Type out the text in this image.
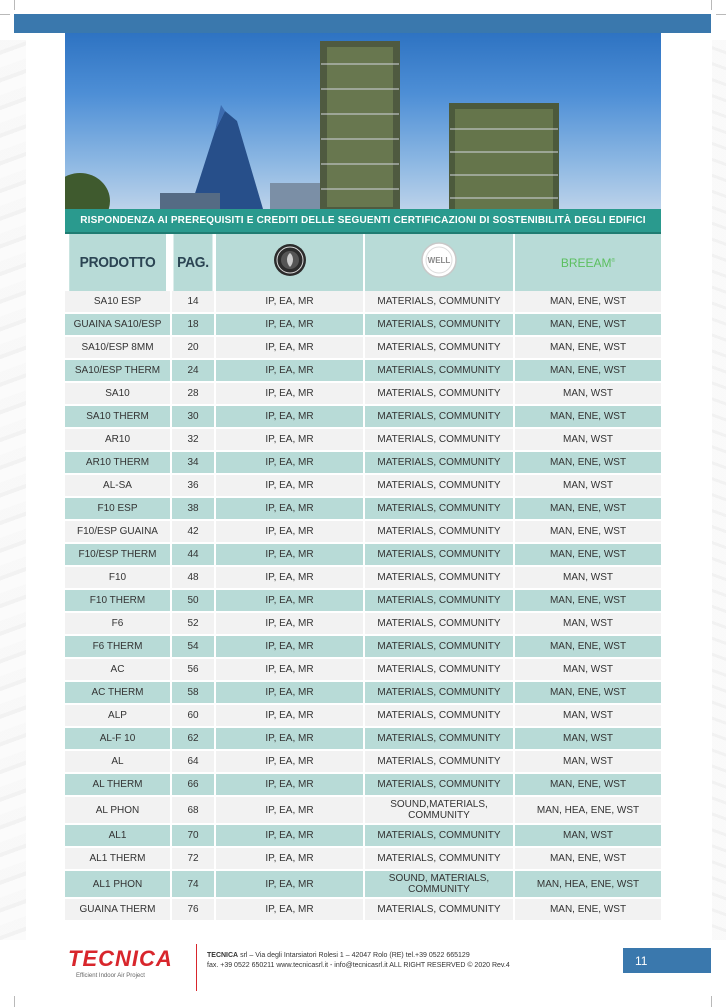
RISPONDENZA AI PREREQUISITI E CREDITI DELLE SEGUENTI CERTIFICAZIONI DI SOSTENIBILITÀ DEGLI EDIFICI
PRODOTTO	PAG.		WELL	BREEAM®
SA10 ESP	14	IP, EA, MR	MATERIALS, COMMUNITY	MAN, ENE, WST
GUAINA SA10/ESP	18	IP, EA, MR	MATERIALS, COMMUNITY	MAN, ENE, WST
SA10/ESP 8MM	20	IP, EA, MR	MATERIALS, COMMUNITY	MAN, ENE, WST
SA10/ESP THERM	24	IP, EA, MR	MATERIALS, COMMUNITY	MAN, ENE, WST
SA10	28	IP, EA, MR	MATERIALS, COMMUNITY	MAN, WST
SA10 THERM	30	IP, EA, MR	MATERIALS, COMMUNITY	MAN, ENE, WST
AR10	32	IP, EA, MR	MATERIALS, COMMUNITY	MAN, WST
AR10 THERM	34	IP, EA, MR	MATERIALS, COMMUNITY	MAN, ENE, WST
AL-SA	36	IP, EA, MR	MATERIALS, COMMUNITY	MAN, WST
F10 ESP	38	IP, EA, MR	MATERIALS, COMMUNITY	MAN, ENE, WST
F10/ESP GUAINA	42	IP, EA, MR	MATERIALS, COMMUNITY	MAN, ENE, WST
F10/ESP THERM	44	IP, EA, MR	MATERIALS, COMMUNITY	MAN, ENE, WST
F10	48	IP, EA, MR	MATERIALS, COMMUNITY	MAN, WST
F10 THERM	50	IP, EA, MR	MATERIALS, COMMUNITY	MAN, ENE, WST
F6	52	IP, EA, MR	MATERIALS, COMMUNITY	MAN, WST
F6 THERM	54	IP, EA, MR	MATERIALS, COMMUNITY	MAN, ENE, WST
AC	56	IP, EA, MR	MATERIALS, COMMUNITY	MAN, WST
AC THERM	58	IP, EA, MR	MATERIALS, COMMUNITY	MAN, ENE, WST
ALP	60	IP, EA, MR	MATERIALS, COMMUNITY	MAN, WST
AL-F 10	62	IP, EA, MR	MATERIALS, COMMUNITY	MAN, WST
AL	64	IP, EA, MR	MATERIALS, COMMUNITY	MAN, WST
AL THERM	66	IP, EA, MR	MATERIALS, COMMUNITY	MAN, ENE, WST
AL PHON	68	IP, EA, MR	SOUND,MATERIALS, COMMUNITY	MAN, HEA, ENE, WST
AL1	70	IP, EA, MR	MATERIALS, COMMUNITY	MAN, WST
AL1 THERM	72	IP, EA, MR	MATERIALS, COMMUNITY	MAN, ENE, WST
AL1 PHON	74	IP, EA, MR	SOUND, MATERIALS, COMMUNITY	MAN, HEA, ENE, WST
GUAINA THERM	76	IP, EA, MR	MATERIALS, COMMUNITY	MAN, ENE, WST
TECNICA
Efficient Indoor Air Project
TECNICA srl – Via degli Intarsiatori Rolesi 1 – 42047 Rolo (RE) tel.+39 0522 665129
fax. +39 0522 650211 www.tecnicasrl.it - info@tecnicasrl.it ALL RIGHT RESERVED © 2020 Rev.4	11
